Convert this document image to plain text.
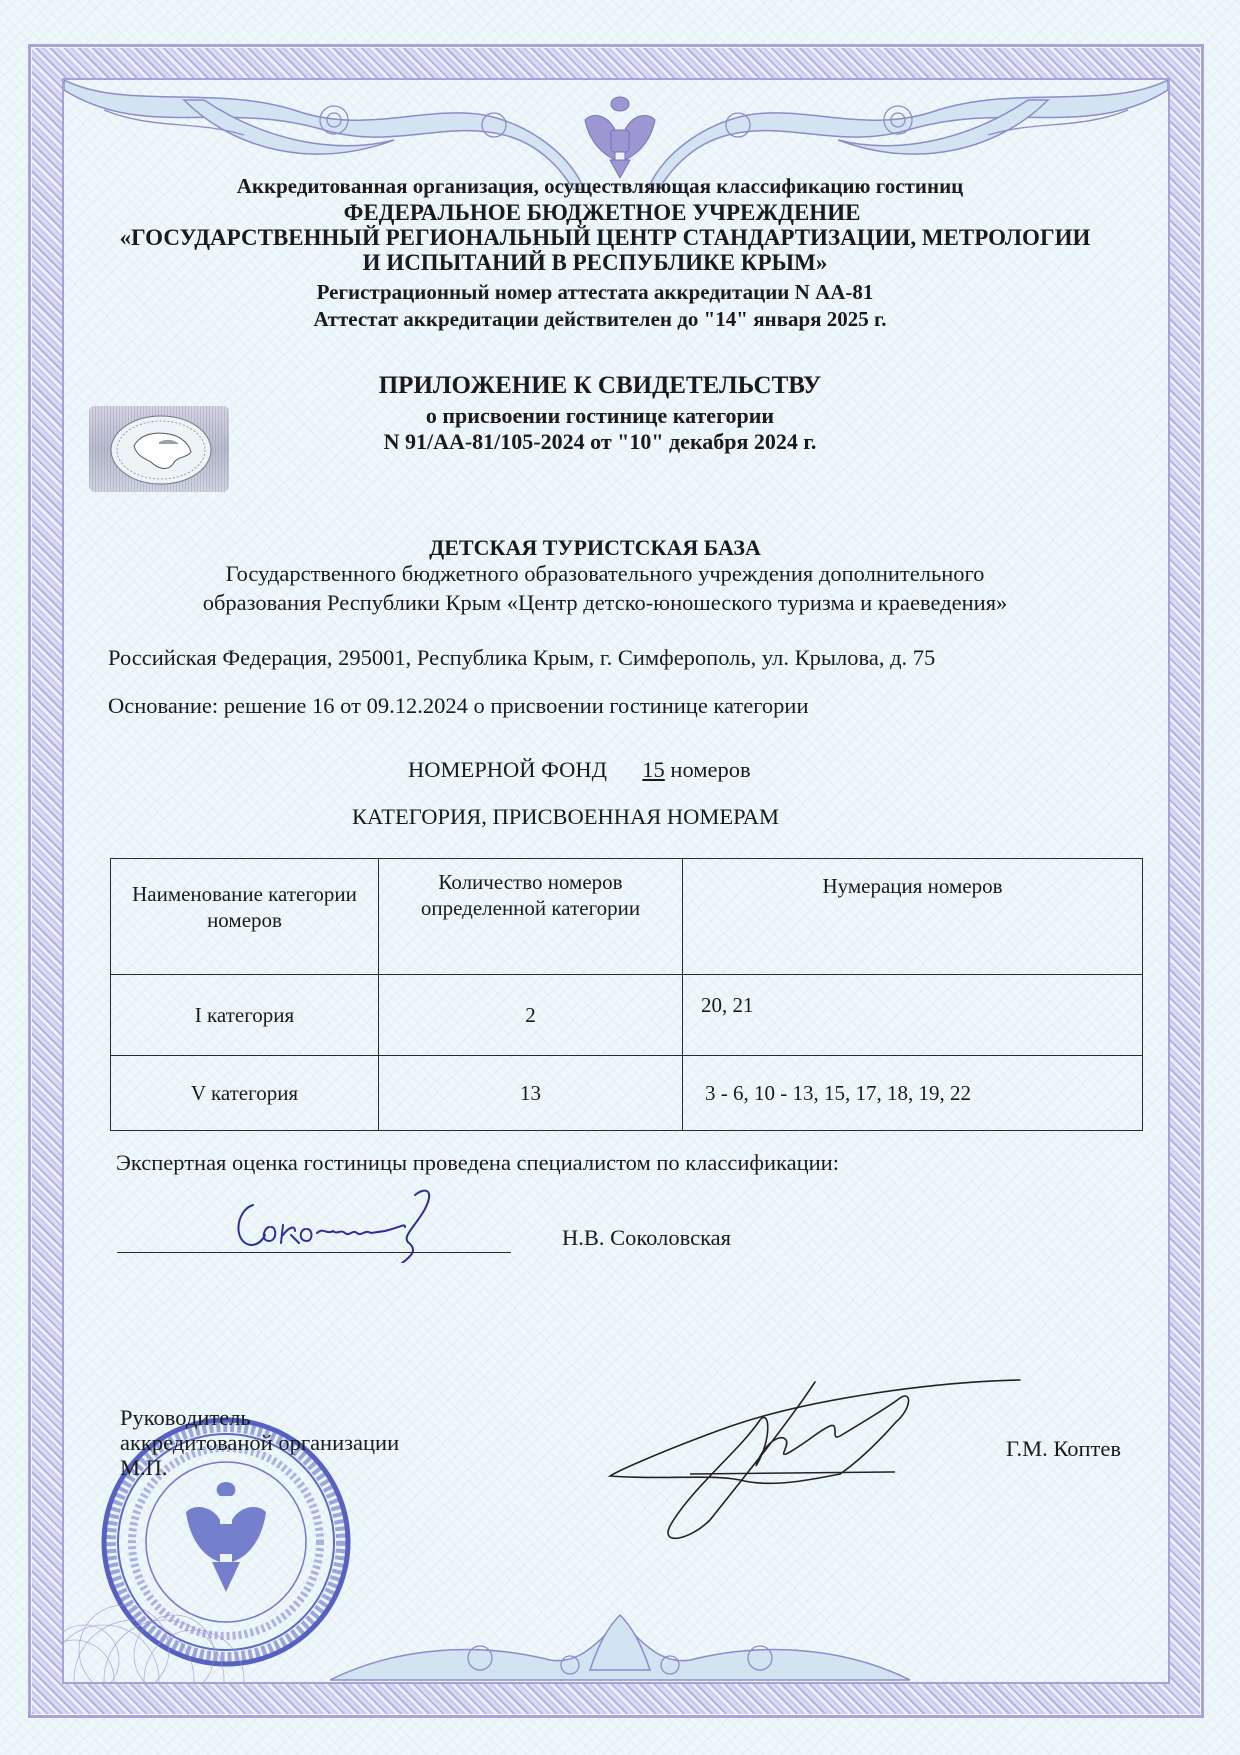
Аккредитованная организация, осуществляющая классификацию гостиниц
ФЕДЕРАЛЬНОЕ БЮДЖЕТНОЕ УЧРЕЖДЕНИЕ
«ГОСУДАРСТВЕННЫЙ РЕГИОНАЛЬНЫЙ ЦЕНТР СТАНДАРТИЗАЦИИ, МЕТРОЛОГИИ
И ИСПЫТАНИЙ В РЕСПУБЛИКЕ КРЫМ»
Регистрационный номер аттестата аккредитации N АА-81
Аттестат аккредитации действителен до "14" января 2025 г.
ПРИЛОЖЕНИЕ К СВИДЕТЕЛЬСТВУ
о присвоении гостинице категории
N 91/АА-81/105-2024 от "10" декабря 2024 г.
ДЕТСКАЯ ТУРИСТСКАЯ БАЗА
Государственного бюджетного образовательного учреждения дополнительного
образования Республики Крым «Центр детско-юношеского туризма и краеведения»
Российская Федерация, 295001, Республика Крым, г. Симферополь, ул. Крылова, д. 75
Основание: решение 16 от 09.12.2024 о присвоении гостинице категории
НОМЕРНОЙ ФОНД 15 номеров
КАТЕГОРИЯ, ПРИСВОЕННАЯ НОМЕРАМ
Наименование категории номеров	Количество номеров определенной категории	Нумерация номеров
I категория	2	20, 21
V категория	13	3 - 6, 10 - 13, 15, 17, 18, 19, 22
Экспертная оценка гостиницы проведена специалистом по классификации:
Н.В. Соколовская
Руководитель
аккредитованой организации
М.П.
Г.М. Коптев
